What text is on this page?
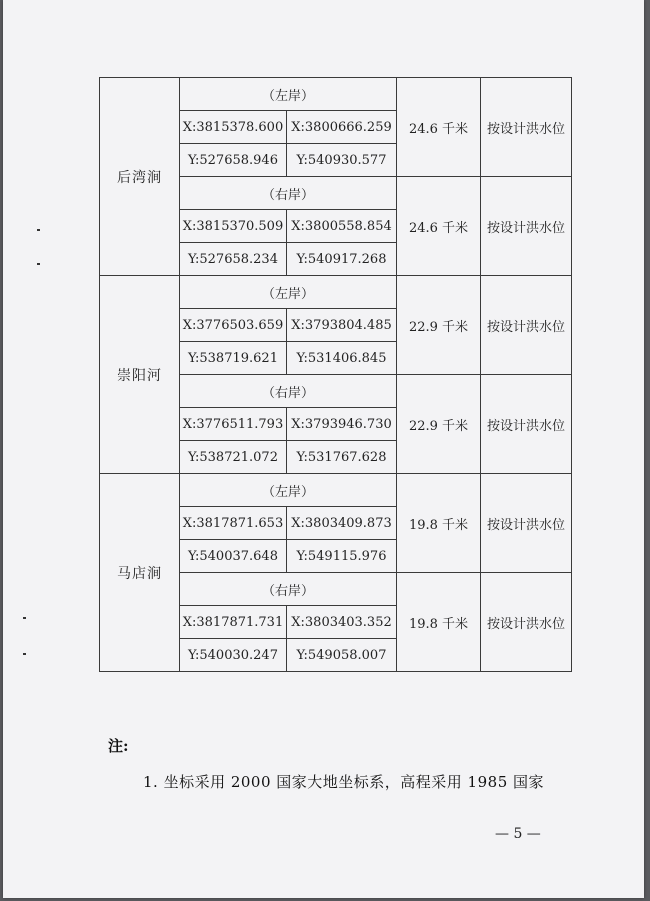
后湾涧	（左岸）		24.6 千米	按设计洪水位
	X:3815378.600	X:3800666.259		
	Y:527658.946	Y:540930.577		
	（右岸）		24.6 千米	按设计洪水位
	X:3815370.509	X:3800558.854		
	Y:527658.234	Y:540917.268		
崇阳河	（左岸）		22.9 千米	按设计洪水位
	X:3776503.659	X:3793804.485		
	Y:538719.621	Y:531406.845		
	（右岸）		22.9 千米	按设计洪水位
	X:3776511.793	X:3793946.730		
	Y:538721.072	Y:531767.628		
马店涧	（左岸）		19.8 千米	按设计洪水位
	X:3817871.653	X:3803409.873		
	Y:540037.648	Y:549115.976		
	（右岸）		19.8 千米	按设计洪水位
	X:3817871.731	X:3803403.352		
	Y:540030.247	Y:549058.007		
注:
1. 坐标采用 2000 国家大地坐标系，高程采用 1985 国家
— 5 —
